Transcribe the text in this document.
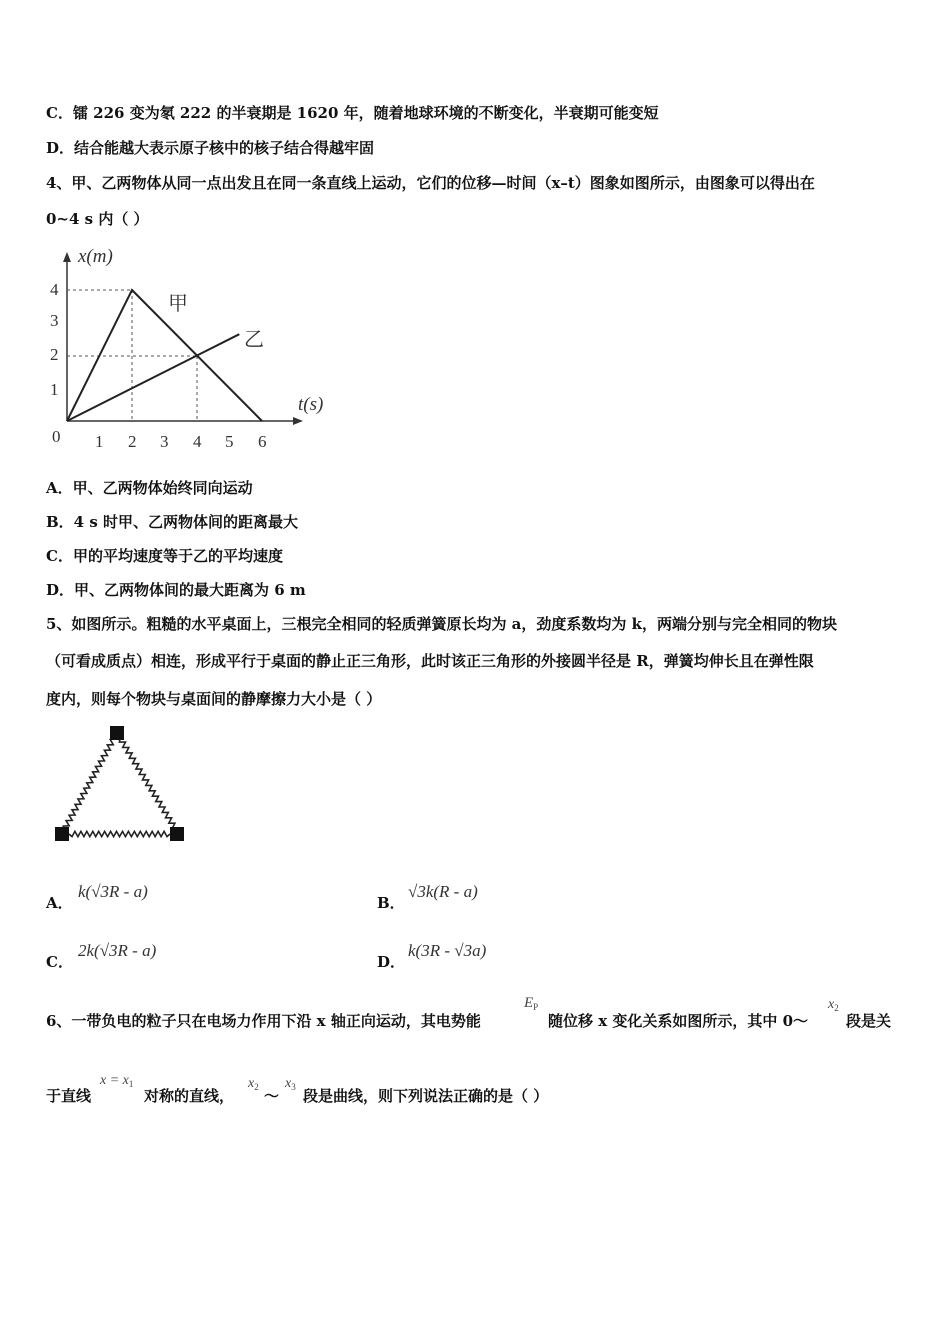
C．镭 226 变为氡 222 的半衰期是 1620 年，随着地球环境的不断变化，半衰期可能变短
D．结合能越大表示原子核中的核子结合得越牢固
4、甲、乙两物体从同一点出发且在同一条直线上运动，它们的位移—时间（x–t）图象如图所示，由图象可以得出在
0~4 s 内（ ）
x(m)
t(s)
0
1
2
3
4
1 2 3 4 5 6
甲
乙
A．甲、乙两物体始终同向运动
B．4 s 时甲、乙两物体间的距离最大
C．甲的平均速度等于乙的平均速度
D．甲、乙两物体间的最大距离为 6 m
5、如图所示。粗糙的水平桌面上，三根完全相同的轻质弹簧原长均为 a，劲度系数均为 k，两端分别与完全相同的物块
（可看成质点）相连，形成平行于桌面的静止正三角形，此时该正三角形的外接圆半径是 R，弹簧均伸长且在弹性限
度内，则每个物块与桌面间的静摩擦力大小是（ ）
A．
k(√3R - a)
B．
√3k(R - a)
C．
2k(√3R - a)
D．
k(3R - √3a)
6、一带负电的粒子只在电场力作用下沿 x 轴正向运动，其电势能
$E_P$
随位移 x 变化关系如图所示，其中 0～
$x_2$
段是关
于直线
$x = x_1$
对称的直线，
$x_2$ ～
$x_3$ 段是曲线，则下列说法正确的是（ ）
